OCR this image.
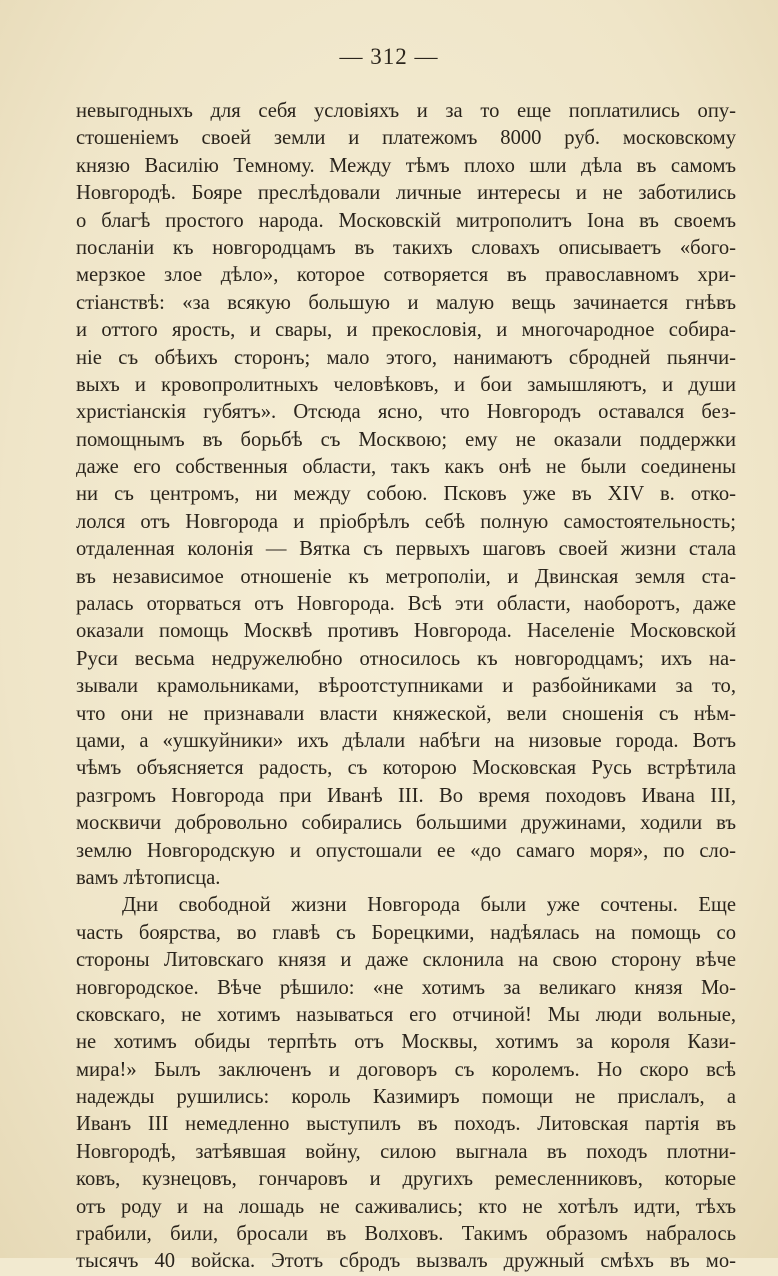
— 312 —
невыгодныхъ для себя условіяхъ и за то еще поплатились опу-
стошеніемъ своей земли и платежомъ 8000 руб. московскому
князю Василію Темному. Между тѣмъ плохо шли дѣла въ самомъ
Новгородѣ. Бояре преслѣдовали личные интересы и не заботились
о благѣ простого народа. Московскій митрополитъ Іона въ своемъ
посланіи къ новгородцамъ въ такихъ словахъ описываетъ «бого-
мерзкое злое дѣло», которое сотворяется въ православномъ хри-
стіанствѣ: «за всякую большую и малую вещь зачинается гнѣвъ
и оттого ярость, и свары, и прекословія, и многочародное собира-
ніе съ обѣихъ сторонъ; мало этого, нанимаютъ сбродней пьянчи-
выхъ и кровопролитныхъ человѣковъ, и бои замышляютъ, и души
христіанскія губятъ». Отсюда ясно, что Новгородъ оставался без-
помощнымъ въ борьбѣ съ Москвою; ему не оказали поддержки
даже его собственныя области, такъ какъ онѣ не были соединены
ни съ центромъ, ни между собою. Псковъ уже въ XIV в. отко-
лолся отъ Новгорода и пріобрѣлъ себѣ полную самостоятельность;
отдаленная колонія — Вятка съ первыхъ шаговъ своей жизни стала
въ независимое отношеніе къ метрополіи, и Двинская земля ста-
ралась оторваться отъ Новгорода. Всѣ эти области, наоборотъ, даже
оказали помощь Москвѣ противъ Новгорода. Населеніе Московской
Руси весьма недружелюбно относилось къ новгородцамъ; ихъ на-
зывали крамольниками, вѣроотступниками и разбойниками за то,
что они не признавали власти княжеской, вели сношенія съ нѣм-
цами, а «ушкуйники» ихъ дѣлали набѣги на низовые города. Вотъ
чѣмъ объясняется радость, съ которою Московская Русь встрѣтила
разгромъ Новгорода при Иванѣ III. Во время походовъ Ивана III,
москвичи добровольно собирались большими дружинами, ходили въ
землю Новгородскую и опустошали ее «до самаго моря», по сло-
вамъ лѣтописца.
Дни свободной жизни Новгорода были уже сочтены. Еще
часть боярства, во главѣ съ Борецкими, надѣялась на помощь со
стороны Литовскаго князя и даже склонила на свою сторону вѣче
новгородское. Вѣче рѣшило: «не хотимъ за великаго князя Мо-
сковскаго, не хотимъ называться его отчиной! Мы люди вольные,
не хотимъ обиды терпѣть отъ Москвы, хотимъ за короля Кази-
мира!» Былъ заключенъ и договоръ съ королемъ. Но скоро всѣ
надежды рушились: король Казимиръ помощи не прислалъ, а
Иванъ III немедленно выступилъ въ походъ. Литовская партія въ
Новгородѣ, затѣявшая войну, силою выгнала въ походъ плотни-
ковъ, кузнецовъ, гончаровъ и другихъ ремесленниковъ, которые
отъ роду и на лошадь не саживались; кто не хотѣлъ идти, тѣхъ
грабили, били, бросали въ Волховъ. Такимъ образомъ набралось
тысячъ 40 войска. Этотъ сбродъ вызвалъ дружный смѣхъ въ мо-
